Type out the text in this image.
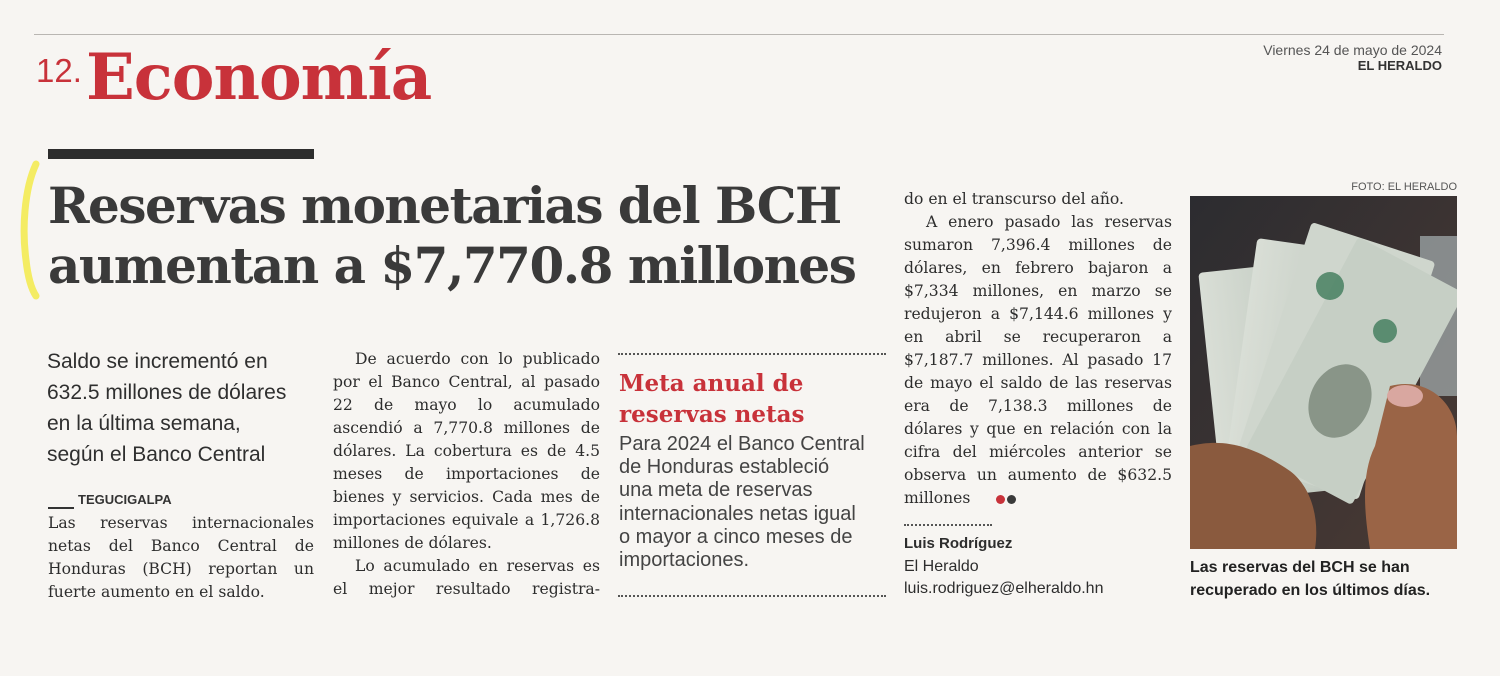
12. Economía	Viernes 24 de mayo de 2024
EL HERALDO
Reservas monetarias del BCH
aumentan a $7,770.8 millones
Saldo se incrementó en
632.5 millones de dólares
en la última semana,
según el Banco Central
TEGUCIGALPA

Las reservas internacionales netas del Banco Central de Honduras (BCH) reportan un fuerte aumento en el saldo.

De acuerdo con lo publicado por el Banco Central, al pasado 22 de mayo lo acumulado ascendió a 7,770.8 millones de dólares. La cobertura es de 4.5 meses de importaciones de bienes y servicios. Cada mes de importaciones equivale a 1,726.8 millones de dólares.

Lo acumulado en reservas es el mejor resultado registra-

Meta anual de
reservas netas
Para 2024 el Banco Central
de Honduras estableció
una meta de reservas
internacionales netas igual
o mayor a cinco meses de
importaciones.

do en el transcurso del año.

A enero pasado las reservas sumaron 7,396.4 millones de dólares, en febrero bajaron a $7,334 millones, en marzo se redujeron a $7,144.6 millones y en abril se recuperaron a $7,187.7 millones. Al pasado 17 de mayo el saldo de las reservas era de 7,138.3 millones de dólares y que en relación con la cifra del miércoles anterior se observa un aumento de $632.5 millones

Luis Rodríguez
El Heraldo
luis.rodriguez@elheraldo.hn
FOTO: EL HERALDO
Las reservas del BCH se han
recuperado en los últimos días.
